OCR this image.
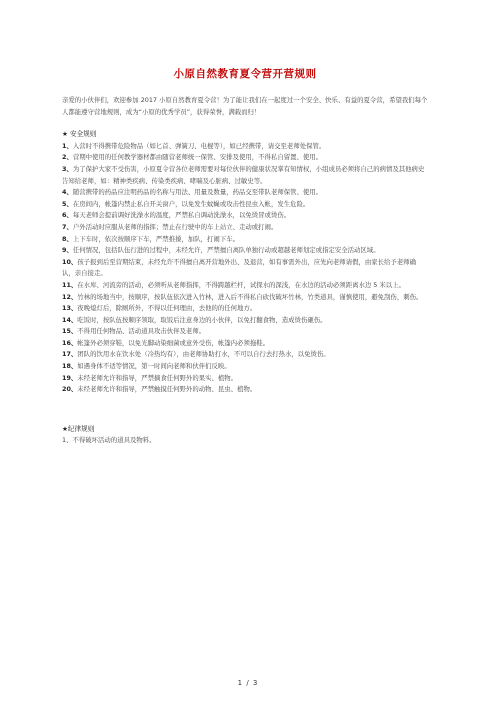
小原自然教育夏令营开营规则

亲爱的小伙伴们，欢迎参加 2017 小原自然教育夏令营！为了能让我们在一起度过一个安全、快乐、有益的夏令营，希望我们每个人都能遵守营地规则，成为“小原的优秀学员”，获得荣誉，满载而归！

★ 安全规则

1、入营时不得携带危险物品（如匕首、弹簧刀、电棍等），如已经携带，请交至老师处保管。

2、营期中使用的任何教学器材都由随营老师统一保管、安排及使用，不得私自留置、使用。

3、为了保护大家不受伤害，小原夏令营各位老师需要对每位伙伴的健康状况掌有知情权，小组成员必须将自己的病情及其他病史告知给老师，如：精神类疾病、传染类疾病、哮喘及心脏病、过敏史等。

4、随营携带的药品应注明药品的名称与用法、用量及数量，药品交至带队老师保管、使用。

5、在房间内，帐篷内禁止私自开关窗户，以免发生蚊蝇或攻击性昆虫入帐，发生危险。

6、每天老师会提前调好洗澡水的温度，严禁私自调动洗澡水，以免烫冒或烫伤。

7、户外活动时应服从老师的指挥；禁止在行驶中的车上站立、走动或打闹。

8、上下车时，依次按顺序下车，严禁推搡，加队，打闹下车。

9、任何情况，包括队伍行进的过程中，未经允许，严禁擅自离队单独行动或超越老师划定或指定安全活动区域。

10、孩子报到后至营期结束，未经允许不得擅自离开营地外出、及退营，如有事需外出，应先向老师请假，由家长给予老师确认，亲自接走。

11、在水库、河流旁的活动，必须听从老师指挥，不得跨越栏杆，试探水的深浅，在水边的活动必须距离水边 5 米以上。

12、竹林的场地当中，按顺序，按队伍依次进入竹林，进入后不得私自砍伐破坏竹林，竹类道具，谨慎使用，避免刮伤，刺伤。

13、夜晚熄灯后，除厕所外，不得以任何理由，去他的的任何地方。

14、吃饭时，按队伍按顺序领取，取饭后注意身边的小伙伴，以免打翻食物，造成烫伤砸伤。

15、不得用任何物品、活动道具攻击伙伴及老师。

16、帐篷外必须穿鞋，以免光脚动染细菌或意外受伤，帐篷内必须拖鞋。

17、团队的饮用水在饮水处（冷热均有），由老师协助打水，不可以自行去打热水，以免烫伤。

18、如遇身体不适等情况，第一时间向老师和伙伴们反映。

19、未经老师允许和指导，严禁摘食任何野外的果实、植物。

20、未经老师允许和指导，严禁触摸任何野外的动物、昆虫、植物。

★纪律规则

1、不得破坏活动的道具及物料。

1 / 3
